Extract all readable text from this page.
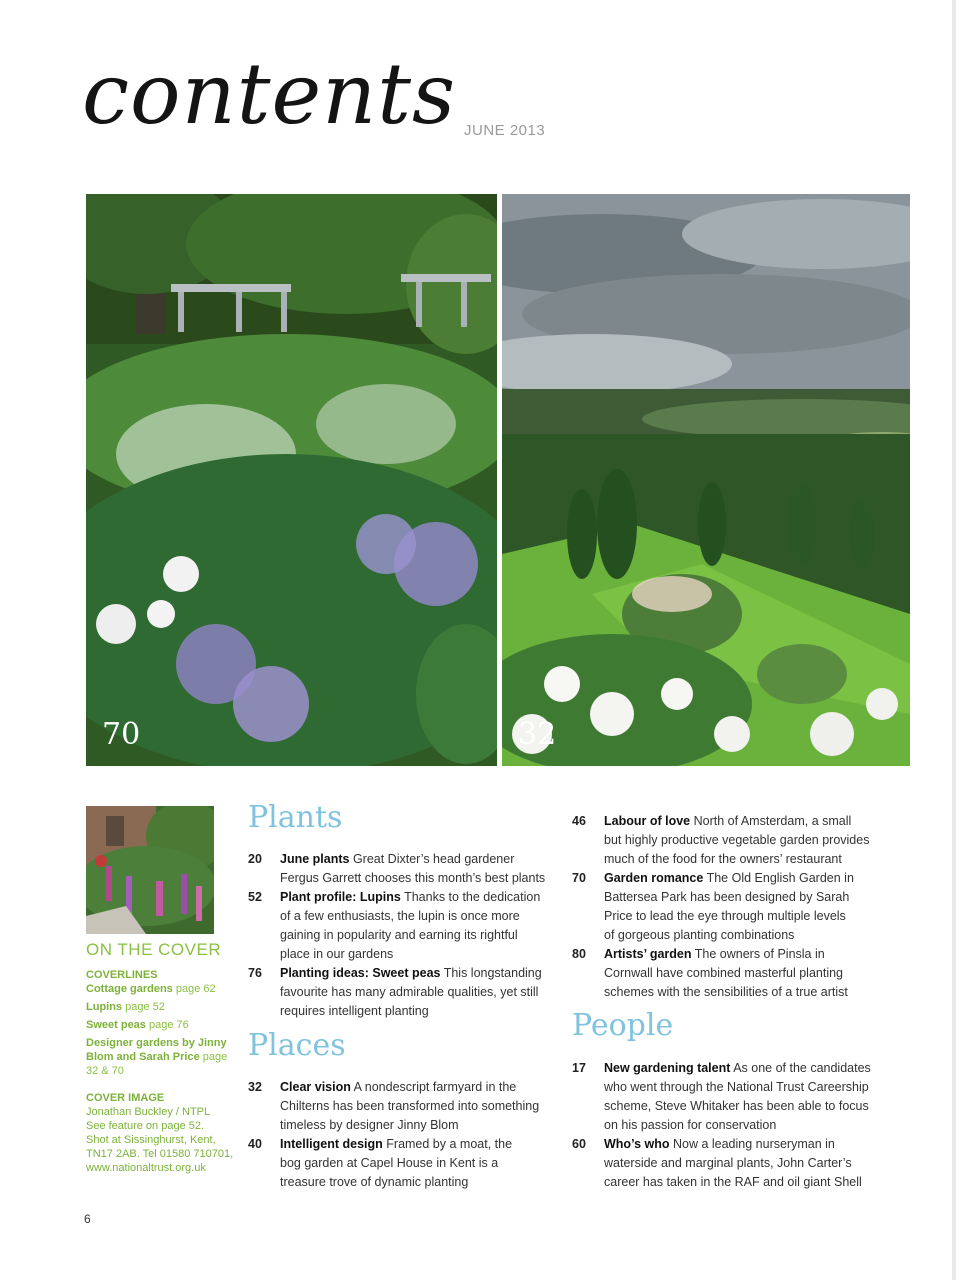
contents JUNE 2013
70	32
ON THE COVER
COVERLINES
Cottage gardens page 62
Lupins page 52
Sweet peas page 76
Designer gardens by Jinny
Blom and Sarah Price page
32 & 70
COVER IMAGE
Jonathan Buckley / NTPL
See feature on page 52.
Shot at Sissinghurst, Kent,
TN17 2AB. Tel 01580 710701,
www.nationaltrust.org.uk
Plants
20 June plants Great Dixter’s head gardener
Fergus Garrett chooses this month’s best plants
52 Plant profile: Lupins Thanks to the dedication
of a few enthusiasts, the lupin is once more
gaining in popularity and earning its rightful
place in our gardens
76 Planting ideas: Sweet peas This longstanding
favourite has many admirable qualities, yet still
requires intelligent planting
Places
32 Clear vision A nondescript farmyard in the
Chilterns has been transformed into something
timeless by designer Jinny Blom
40 Intelligent design Framed by a moat, the
bog garden at Capel House in Kent is a
treasure trove of dynamic planting
46 Labour of love North of Amsterdam, a small
but highly productive vegetable garden provides
much of the food for the owners’ restaurant
70 Garden romance The Old English Garden in
Battersea Park has been designed by Sarah
Price to lead the eye through multiple levels
of gorgeous planting combinations
80 Artists’ garden The owners of Pinsla in
Cornwall have combined masterful planting
schemes with the sensibilities of a true artist
People
17 New gardening talent As one of the candidates
who went through the National Trust Careership
scheme, Steve Whitaker has been able to focus
on his passion for conservation
60 Who’s who Now a leading nurseryman in
waterside and marginal plants, John Carter’s
career has taken in the RAF and oil giant Shell
6
